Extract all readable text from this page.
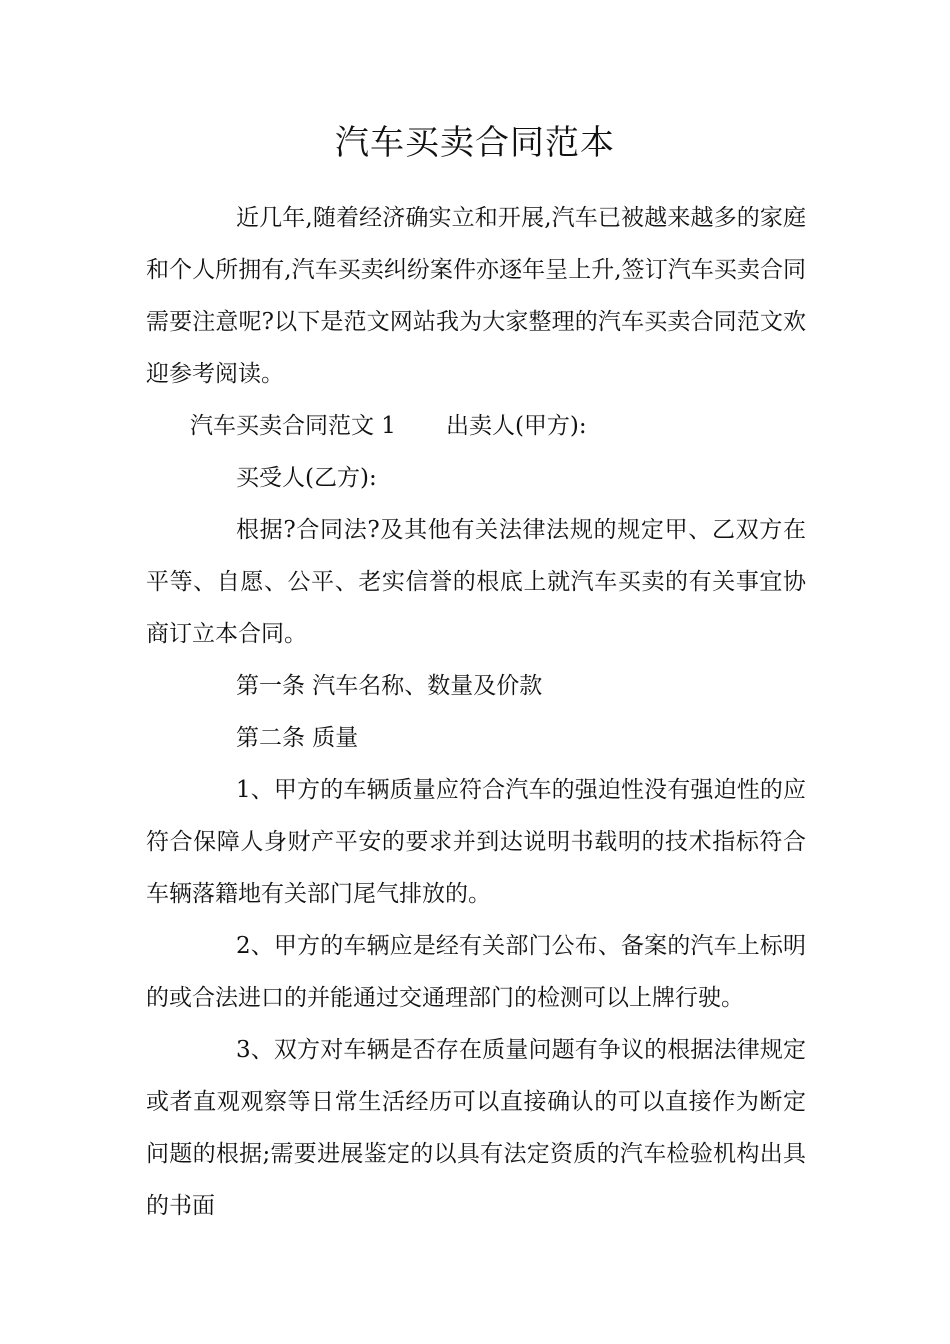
汽车买卖合同范本

近几年,随着经济确实立和开展,汽车已被越来越多的家庭和个人所拥有,汽车买卖纠纷案件亦逐年呈上升,签订汽车买卖合同需要注意呢?以下是范文网站我为大家整理的汽车买卖合同范文欢迎参考阅读。

汽车买卖合同范文 1 出卖人(甲方):

买受人(乙方):

根据?合同法?及其他有关法律法规的规定甲、乙双方在平等、自愿、公平、老实信誉的根底上就汽车买卖的有关事宜协商订立本合同。

第一条 汽车名称、数量及价款

第二条 质量

1、甲方的车辆质量应符合汽车的强迫性没有强迫性的应符合保障人身财产平安的要求并到达说明书载明的技术指标符合车辆落籍地有关部门尾气排放的。

2、甲方的车辆应是经有关部门公布、备案的汽车上标明的或合法进口的并能通过交通理部门的检测可以上牌行驶。

3、双方对车辆是否存在质量问题有争议的根据法律规定或者直观观察等日常生活经历可以直接确认的可以直接作为断定问题的根据;需要进展鉴定的以具有法定资质的汽车检验机构出具的书面
